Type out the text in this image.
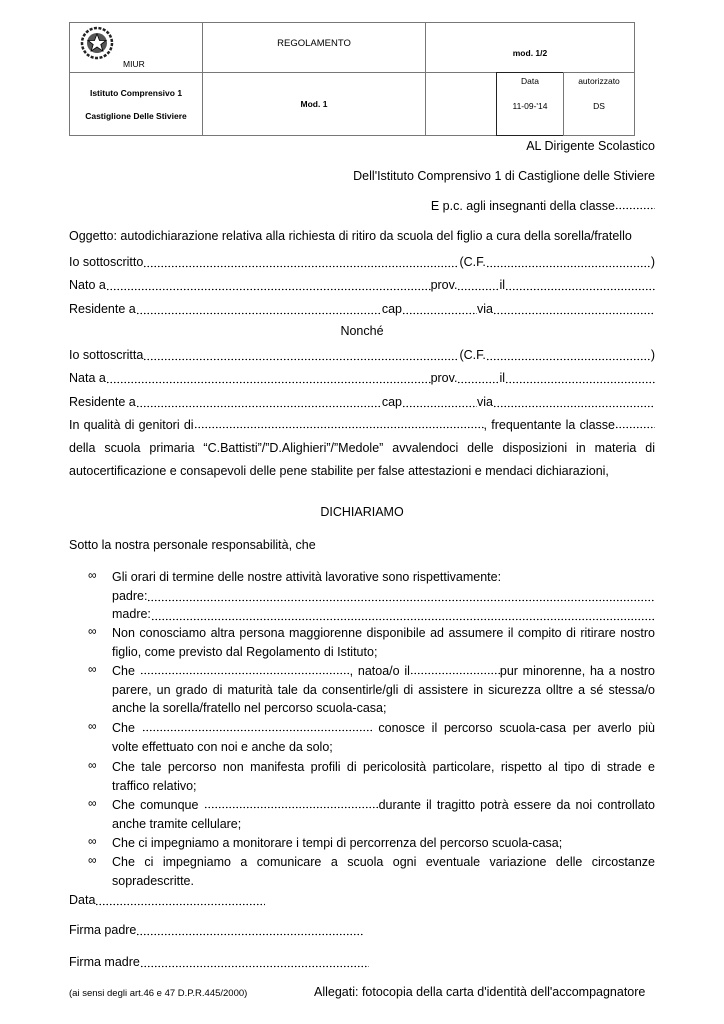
MIUR
REGOLAMENTO
mod. 1/2
Istituto Comprensivo 1
Castiglione Delle Stiviere
Mod. 1
Data
11-09-'14
autorizzato
DS
AL Dirigente Scolastico
Dell'Istituto Comprensivo 1 di Castiglione delle Stiviere
E p.c. agli insegnanti della classe
Oggetto: autodichiarazione relativa alla richiesta di ritiro da scuola del figlio a cura della sorella/fratello
Io sottoscritto	(C.F.	)
Nato a	prov.	il
Residente a	cap	via
Nonché
Io sottoscritta	(C.F.	)
Nata a	prov.	il
Residente a	cap	via
In qualità di genitori di	, frequentante la classe della scuola primaria “C.Battisti”/”D.Alighieri”/”Medole” avvalendoci delle disposizioni in materia di autocertificazione e consapevoli delle pene stabilite per false attestazioni e mendaci dichiarazioni,
DICHIARIAMO
Sotto la nostra personale responsabilità, che
∞ Gli orari di termine delle nostre attività lavorative sono rispettivamente:
padre:
madre:
∞ Non conosciamo altra persona maggiorenne disponibile ad assumere il compito di ritirare nostro figlio, come previsto dal Regolamento di Istituto;
∞ Che	, natoa/o il	pur minorenne, ha a nostro parere, un grado di maturità tale da consentirle/gli di assistere in sicurezza olltre a sé stessa/o anche la sorella/fratello nel percorso scuola-casa;
∞ Che	conosce il percorso scuola-casa per averlo più volte effettuato con noi e anche da solo;
∞ Che tale percorso non manifesta profili di pericolosità particolare, rispetto al tipo di strade e traffico relativo;
∞ Che comunque	durante il tragitto potrà essere da noi controllato anche tramite cellulare;
∞ Che ci impegniamo a monitorare i tempi di percorrenza del percorso scuola-casa;
∞ Che ci impegniamo a comunicare a scuola ogni eventuale variazione delle circostanze sopradescritte.
Data
Firma padre
Firma madre
(ai sensi degli art.46 e 47 D.P.R.445/2000)	Allegati: fotocopia della carta d'identità dell'accompagnatore
